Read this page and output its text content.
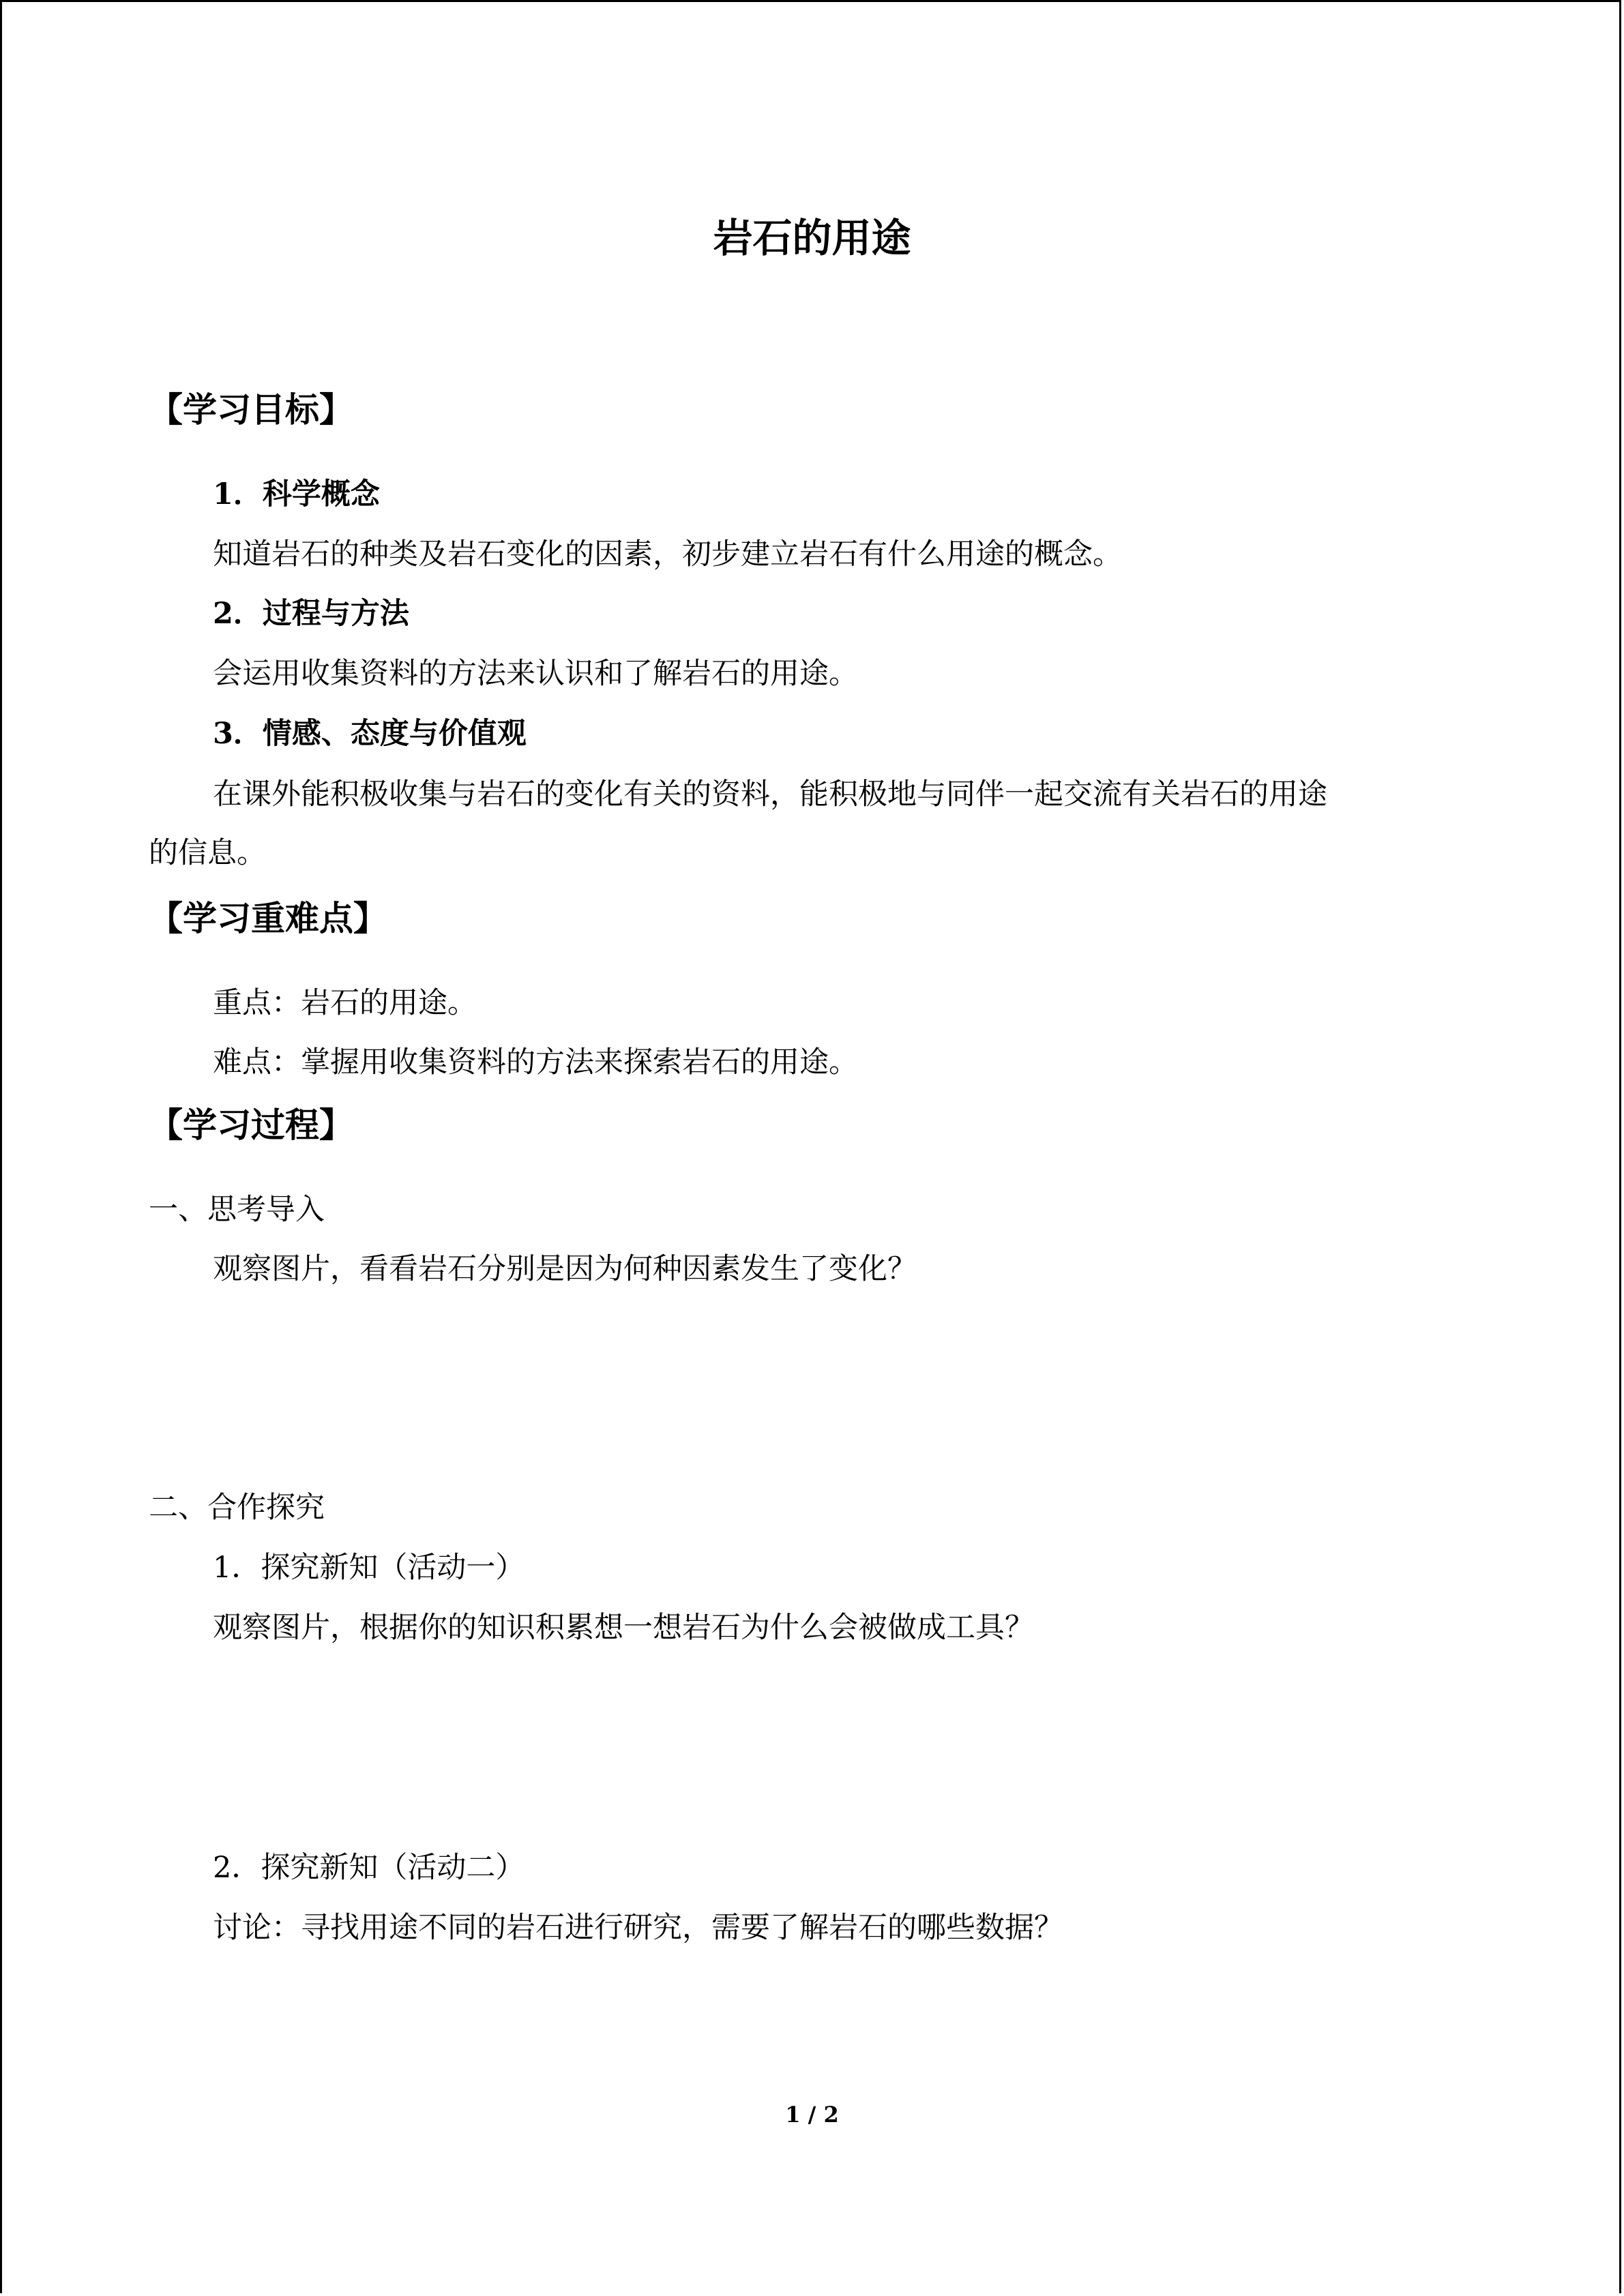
岩石的用途
【学习目标】
1．科学概念
知道岩石的种类及岩石变化的因素，初步建立岩石有什么用途的概念。
2．过程与方法
会运用收集资料的方法来认识和了解岩石的用途。
3．情感、态度与价值观
在课外能积极收集与岩石的变化有关的资料，能积极地与同伴一起交流有关岩石的用途
的信息。
【学习重难点】
重点：岩石的用途。
难点：掌握用收集资料的方法来探索岩石的用途。
【学习过程】
一、思考导入
观察图片，看看岩石分别是因为何种因素发生了变化？
二、合作探究
1．探究新知（活动一）
观察图片，根据你的知识积累想一想岩石为什么会被做成工具？
2．探究新知（活动二）
讨论：寻找用途不同的岩石进行研究，需要了解岩石的哪些数据？
1 / 2
